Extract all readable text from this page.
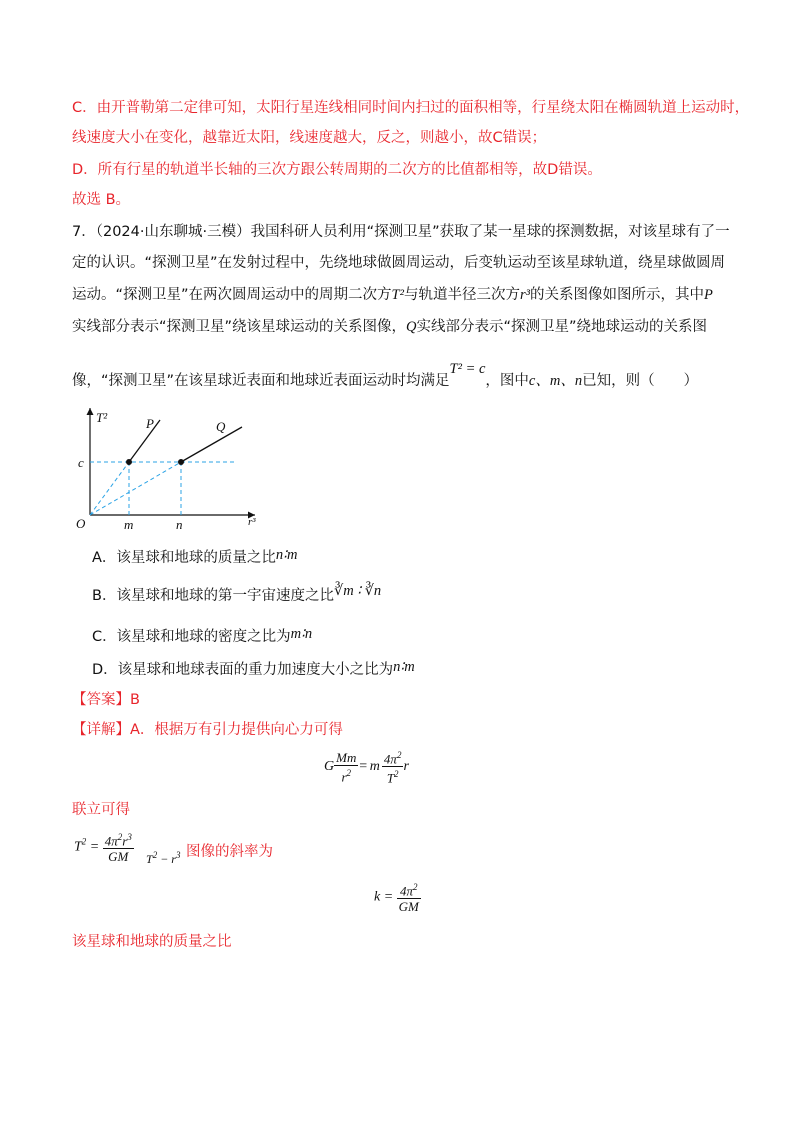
C．由开普勒第二定律可知，太阳行星连线相同时间内扫过的面积相等，行星绕太阳在椭圆轨道上运动时，
线速度大小在变化，越靠近太阳，线速度越大，反之，则越小，故C错误；
D．所有行星的轨道半长轴的三次方跟公转周期的二次方的比值都相等，故D错误。
故选 B。
7．（2024·山东聊城·三模）我国科研人员利用“探测卫星”获取了某一星球的探测数据，对该星球有了一
定的认识。“探测卫星”在发射过程中，先绕地球做圆周运动，后变轨运动至该星球轨道，绕星球做圆周
运动。“探测卫星”在两次圆周运动中的周期二次方T²与轨道半径三次方r³的关系图像如图所示，其中P
实线部分表示“探测卫星”绕该星球运动的关系图像，Q实线部分表示“探测卫星”绕地球运动的关系图
像，“探测卫星”在该星球近表面和地球近表面运动时均满足T² = c，图中c、m、n已知，则（　　）
T²
r³
O
c
m	n
P	Q
A．该星球和地球的质量之比n∶m
B．该星球和地球的第一宇宙速度之比∛m ∶ ∛n
C．该星球和地球的密度之比为m∶n
D．该星球和地球表面的重力加速度大小之比为n∶m
【答案】B
【详解】A．根据万有引力提供向心力可得
G $\frac{Mm}{r^2} = m \frac{4\pi^2}{T^2}$ r
联立可得
$T^2 = \frac{4\pi^2r^3}{GM} T^2 - r^3$ 图像的斜率为
$k = \frac{4\pi^2}{GM}$
该星球和地球的质量之比
